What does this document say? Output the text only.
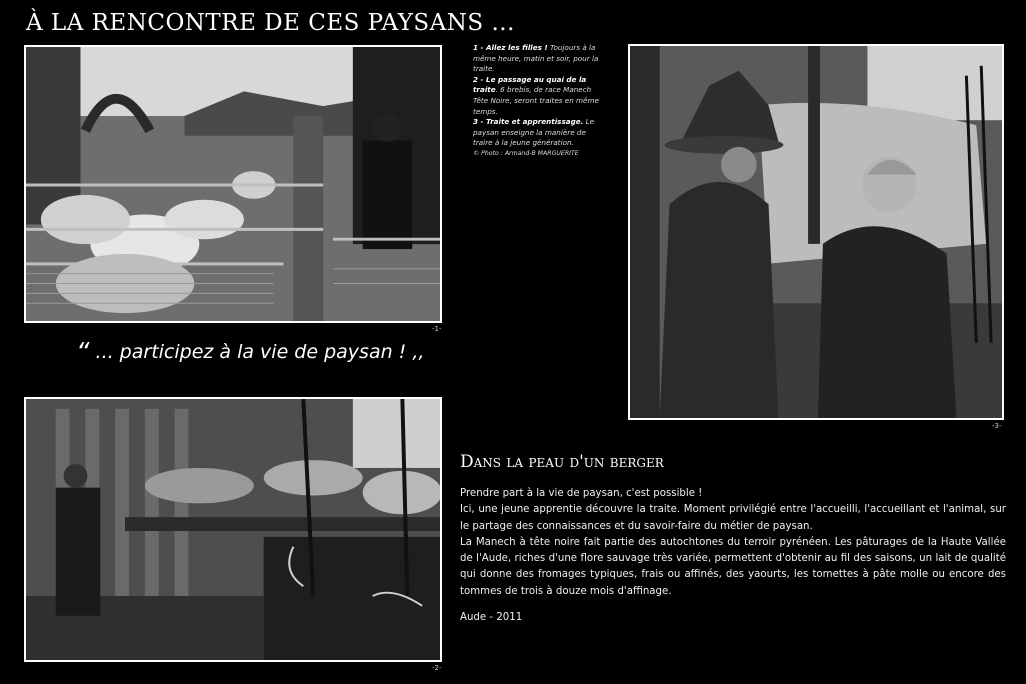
À LA RENCONTRE DE CES PAYSANS ...
-1-
-2-
-3-

1 - Allez les filles ! Toujours à la même heure, matin et soir, pour la traite.

2 - Le passage au quai de la traite. 6 brebis, de race Manech Tête Noire, seront traites en même temps.

3 - Traite et apprentissage. Le paysan enseigne la manière de traire à la jeune génération.

© Photo : Armand-B MARGUERITE

“ ... participez à la vie de paysan ! ,,
Dans la peau d'un berger

Prendre part à la vie de paysan, c'est possible !

Ici, une jeune apprentie découvre la traite. Moment privilégié entre l'accueilli, l'accueillant et l'animal, sur le partage des connaissances et du savoir-faire du métier de paysan.

La Manech à tête noire fait partie des autochtones du terroir pyrénéen. Les pâturages de la Haute Vallée de l'Aude, riches d'une flore sauvage très variée, permettent d'obtenir au fil des saisons, un lait de qualité qui donne des fromages typiques, frais ou affinés, des yaourts, les tomettes à pâte molle ou encore des tommes de trois à douze mois d'affinage.

Aude - 2011
